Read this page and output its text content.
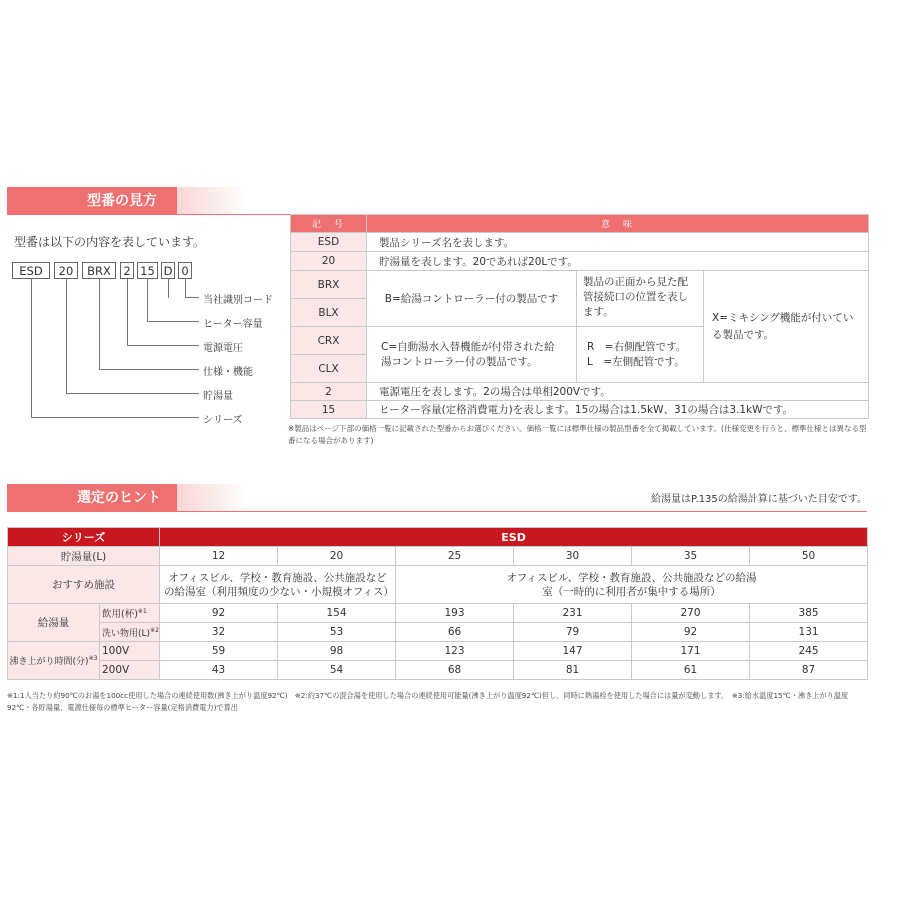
型番の見方
型番は以下の内容を表しています。
ESD	20	BRX	2 15 D 0
当社識別コード
ヒーター容量
電源電圧
仕様・機能
貯湯量
シリーズ
記　号	意　味		
ESD	製品シリーズ名を表します。		
20	貯湯量を表します。20であれば20Lです。		
BRX	B=給湯コントローラー付の製品です	製品の正面から見た配管接続口の位置を表します。	X=ミキシング機能が付いている製品です。
BLX			
CRX	C=自動湯水入替機能が付帯された給湯コントローラー付の製品です。	R　=右側配管です。
L　=左側配管です。	

CLX			
2	電源電圧を表します。2の場合は単相200Vです。		
15	ヒーター容量(定格消費電力)を表します。15の場合は1.5kW、31の場合は3.1kWです。		
※製品はページ下部の価格一覧に記載された型番からお選びください。価格一覧には標準仕様の製品型番を全て掲載しています。(仕様変更を行うと、標準仕様とは異なる型番になる場合があります)
選定のヒント	給湯量はP.135の給湯計算に基づいた目安です。
シリーズ		ESD					
貯湯量(L)		12	20	25	30	35	50
おすすめ施設		オフィスビル、学校・教育施設、公共施設などの給湯室（利用頻度の少ない・小規模オフィス）		オフィスビル、学校・教育施設、公共施設などの給湯室（一時的に利用者が集中する場所）			
給湯量	飲用(杯)$^{※1}$	92	154	193	231	270	385
	洗い物用$(L)^{※2}$	32	53	66	79	92	131
沸き上がり時間(分)$^{※3}$	100V	59	98	123	147	171	245
	200V	43	54	68	81	61	87
※1:1人当たり約90℃のお湯を100cc使用した場合の連続使用数(沸き上がり温度92℃)　※2:約37℃の混合湯を使用した場合の連続使用可能量(沸き上がり温度92℃)但し、同時に熱湯栓を使用した場合には量が変動します。　※3:給水温度15℃・沸き上がり温度92℃・各貯湯量、電源仕様毎の標準ヒーター容量(定格消費電力)で算出
